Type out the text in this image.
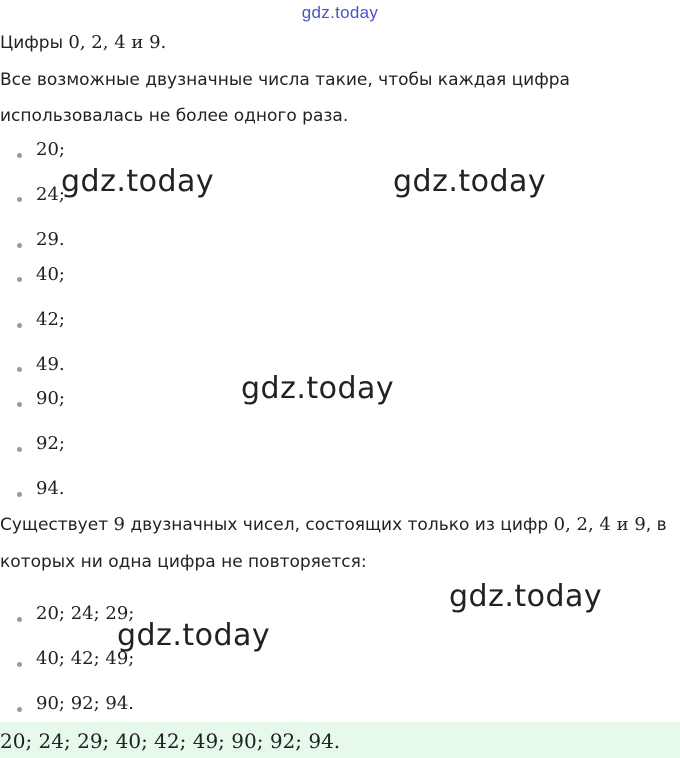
gdz.today
Цифры 0, 2, 4 и 9.
Все возможные двузначные числа такие, чтобы каждая цифра
использовалась не более одного раза.
20;
24;
29.
40;
42;
49.
90;
92;
94.
Существует 9 двузначных чисел, состоящих только из цифр 0, 2, 4 и 9, в
которых ни одна цифра не повторяется:
20; 24; 29;
40; 42; 49;
90; 92; 94.
20; 24; 29; 40; 42; 49; 90; 92; 94.
gdz.today	gdz.today
gdz.today
gdz.today
gdz.today
